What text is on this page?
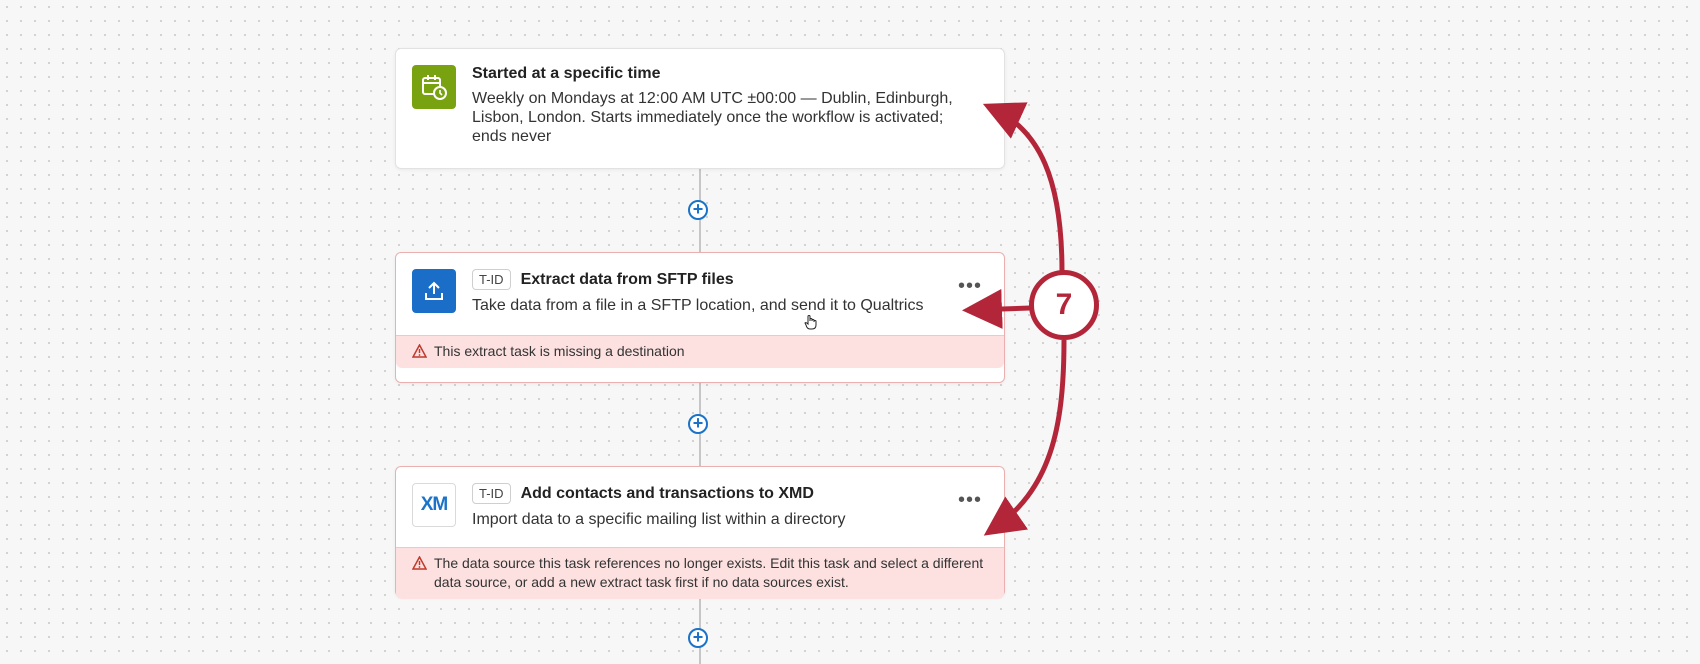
+
+
+
Started at a specific time
Weekly on Mondays at 12:00 AM UTC ±00:00 — Dublin, Edinburgh, Lisbon, London. Starts immediately once the workflow is activated; ends never
T-ID	Extract data from SFTP files
Take data from a file in a SFTP location, and send it to Qualtrics
•••
This extract task is missing a destination
XM
T-ID	Add contacts and transactions to XMD
Import data to a specific mailing list within a directory
•••
The data source this task references no longer exists. Edit this task and select a different data source, or add a new extract task first if no data sources exist.
7
